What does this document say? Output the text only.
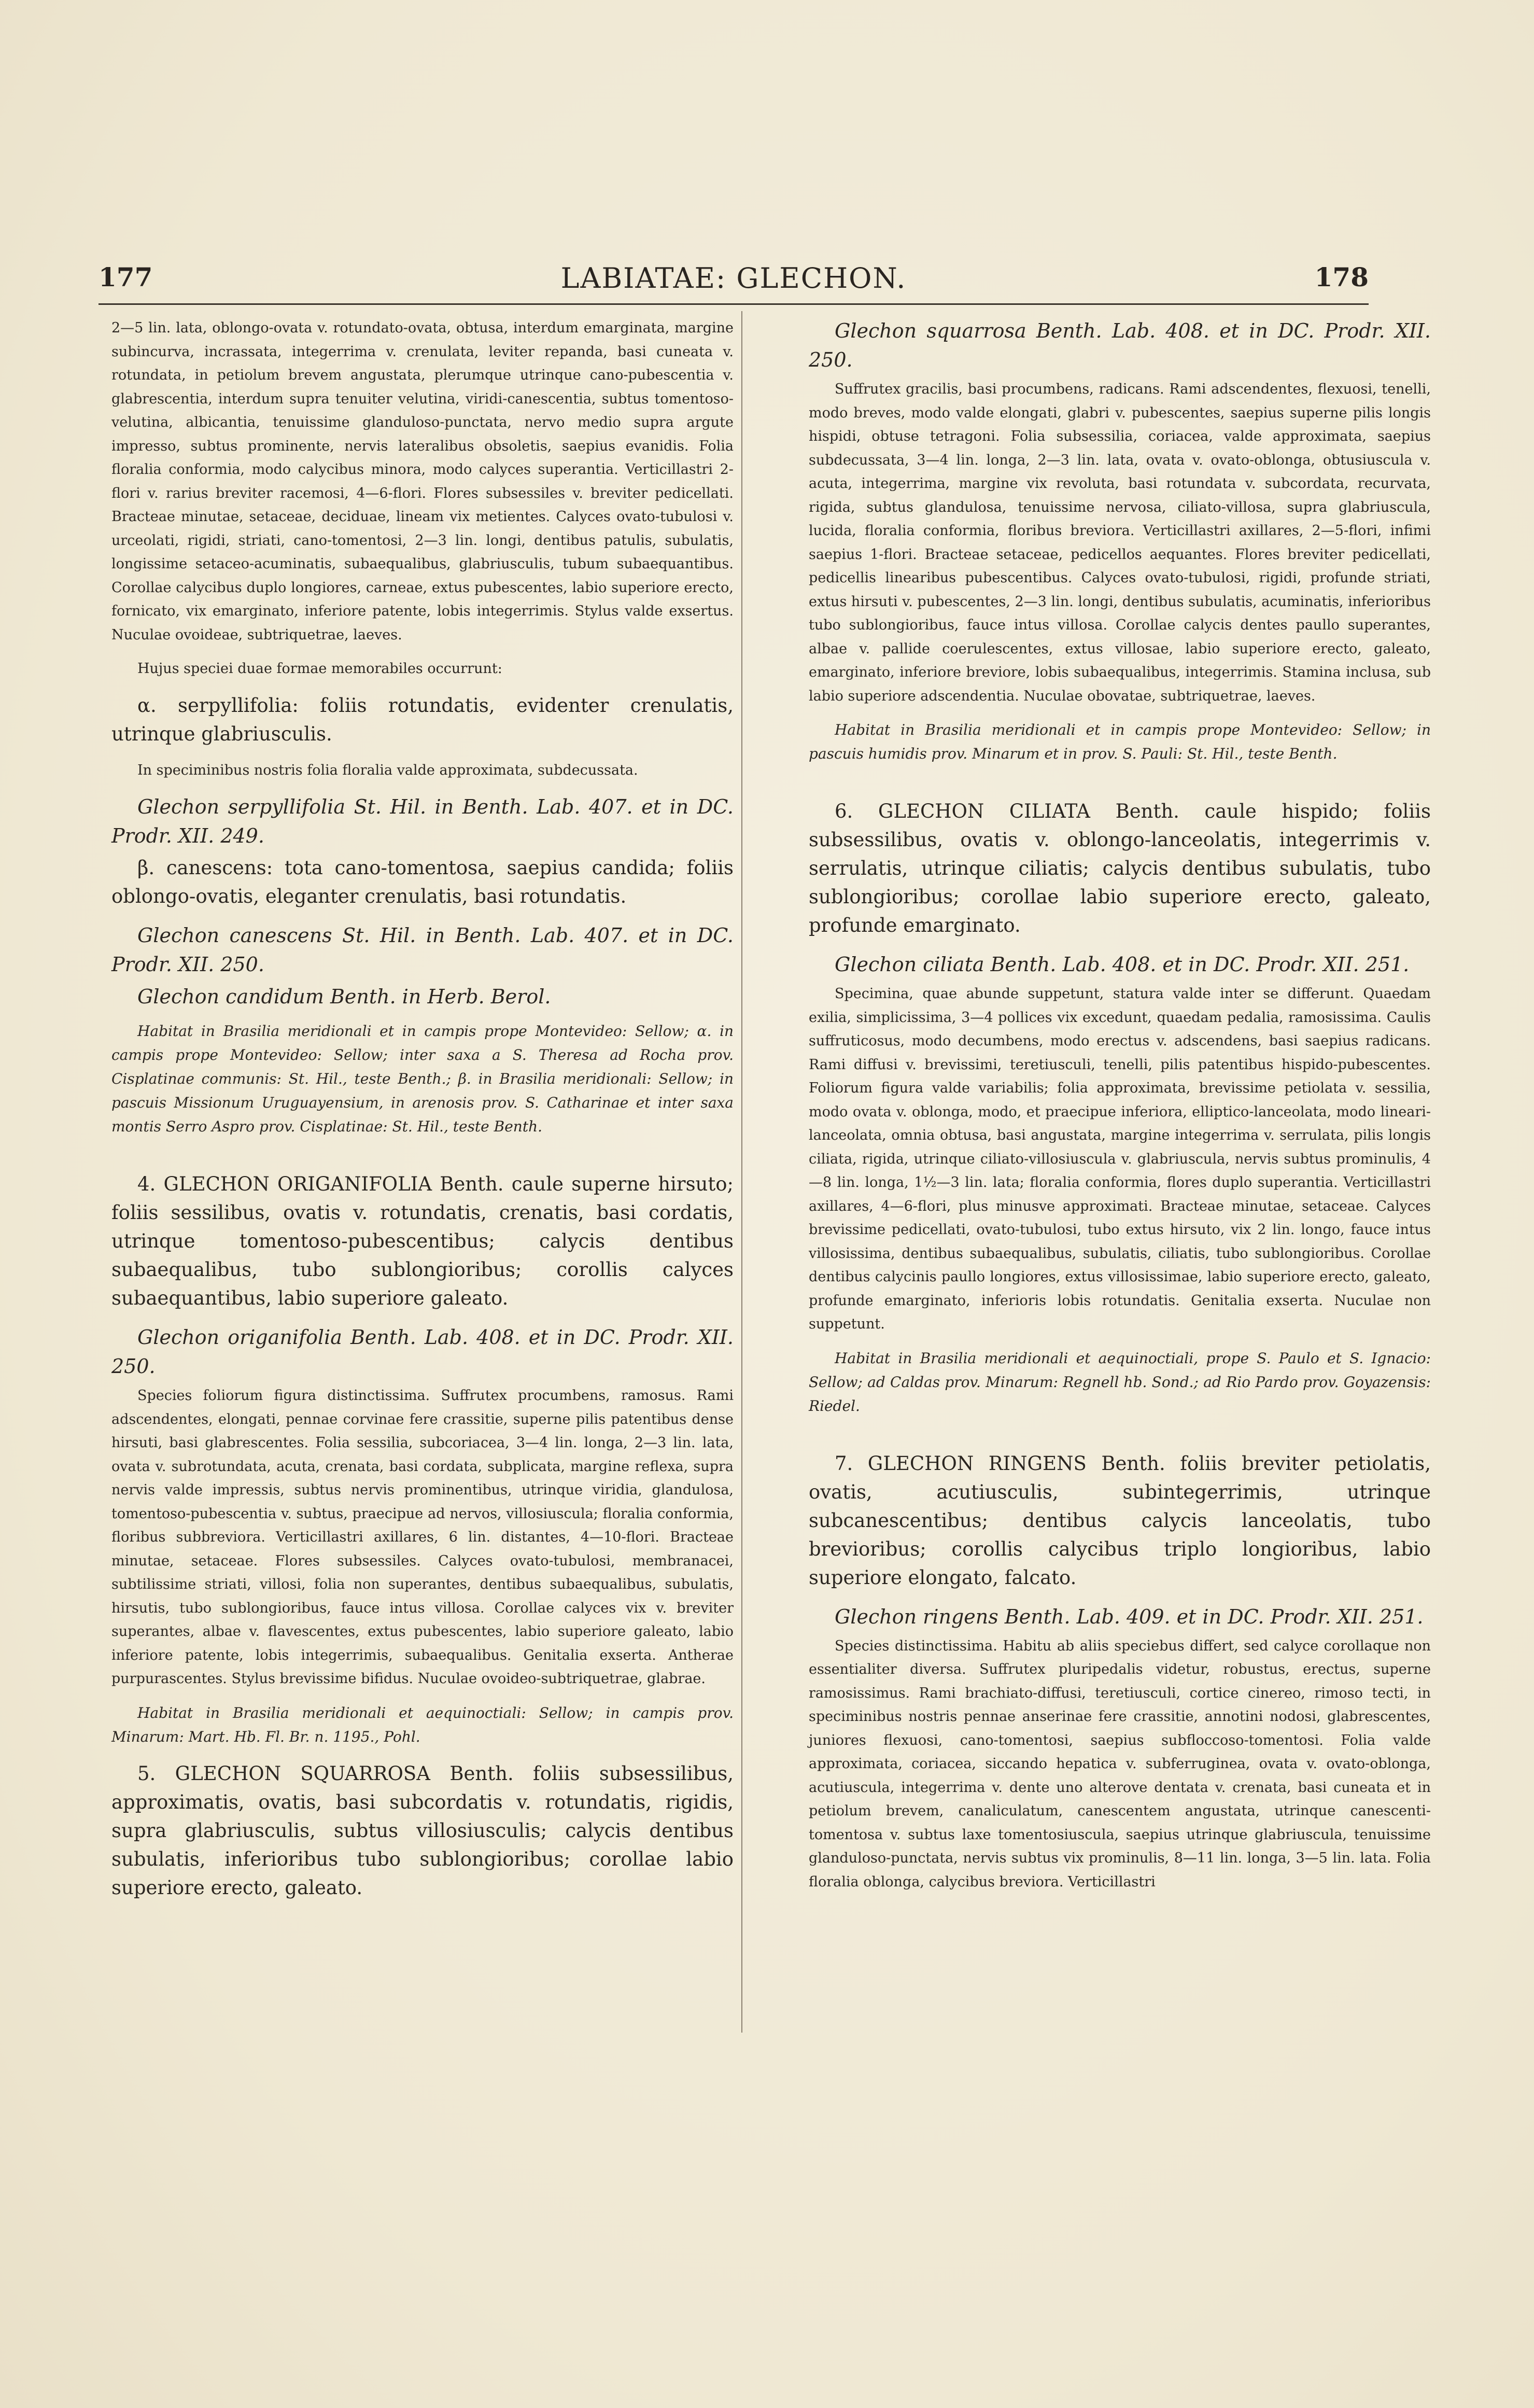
177	LABIATAE: GLECHON.	178

2—5 lin. lata, oblongo-ovata v. rotundato-ovata, obtusa, interdum emarginata, margine subincurva, incrassata, integerrima v. crenulata, leviter repanda, basi cuneata v. rotundata, in petiolum brevem angustata, plerumque utrinque cano-pubescentia v. glabrescentia, interdum supra tenuiter velutina, viridi-canescentia, subtus tomentoso-velutina, albicantia, tenuissime glanduloso-punctata, nervo medio supra argute impresso, subtus prominente, nervis lateralibus obsoletis, saepius evanidis. Folia floralia conformia, modo calycibus minora, modo calyces superantia. Verticillastri 2-flori v. rarius breviter racemosi, 4—6-flori. Flores subsessiles v. breviter pedicellati. Bracteae minutae, setaceae, deciduae, lineam vix metientes. Calyces ovato-tubulosi v. urceolati, rigidi, striati, cano-tomentosi, 2—3 lin. longi, dentibus patulis, subulatis, longissime setaceo-acuminatis, subaequalibus, glabriusculis, tubum subaequantibus. Corollae calycibus duplo longiores, carneae, extus pubescentes, labio superiore erecto, fornicato, vix emarginato, inferiore patente, lobis integerrimis. Stylus valde exsertus. Nuculae ovoideae, subtriquetrae, laeves.

Hujus speciei duae formae memorabiles occurrunt:

α. serpyllifolia: foliis rotundatis, evidenter crenulatis, utrinque glabriusculis.

In speciminibus nostris folia floralia valde approximata, subdecussata.

Glechon serpyllifolia St. Hil. in Benth. Lab. 407. et in DC. Prodr. XII. 249.

β. canescens: tota cano-tomentosa, saepius candida; foliis oblongo-ovatis, eleganter crenulatis, basi rotundatis.

Glechon canescens St. Hil. in Benth. Lab. 407. et in DC. Prodr. XII. 250.

Glechon candidum Benth. in Herb. Berol.

Habitat in Brasilia meridionali et in campis prope Montevideo: Sellow; α. in campis prope Montevideo: Sellow; inter saxa a S. Theresa ad Rocha prov. Cisplatinae communis: St. Hil., teste Benth.; β. in Brasilia meridionali: Sellow; in pascuis Missionum Uruguayensium, in arenosis prov. S. Catharinae et inter saxa montis Serro Aspro prov. Cisplatinae: St. Hil., teste Benth.

4. GLECHON ORIGANIFOLIA Benth. caule superne hirsuto; foliis sessilibus, ovatis v. rotundatis, crenatis, basi cordatis, utrinque tomentoso-pubescentibus; calycis dentibus subaequalibus, tubo sublongioribus; corollis calyces subaequantibus, labio superiore galeato.

Glechon origanifolia Benth. Lab. 408. et in DC. Prodr. XII. 250.

Species foliorum figura distinctissima. Suffrutex procumbens, ramosus. Rami adscendentes, elongati, pennae corvinae fere crassitie, superne pilis patentibus dense hirsuti, basi glabrescentes. Folia sessilia, subcoriacea, 3—4 lin. longa, 2—3 lin. lata, ovata v. subrotundata, acuta, crenata, basi cordata, subplicata, margine reflexa, supra nervis valde impressis, subtus nervis prominentibus, utrinque viridia, glandulosa, tomentoso-pubescentia v. subtus, praecipue ad nervos, villosiuscula; floralia conformia, floribus subbreviora. Verticillastri axillares, 6 lin. distantes, 4—10-flori. Bracteae minutae, setaceae. Flores subsessiles. Calyces ovato-tubulosi, membranacei, subtilissime striati, villosi, folia non superantes, dentibus subaequalibus, subulatis, hirsutis, tubo sublongioribus, fauce intus villosa. Corollae calyces vix v. breviter superantes, albae v. flavescentes, extus pubescentes, labio superiore galeato, labio inferiore patente, lobis integerrimis, subaequalibus. Genitalia exserta. Antherae purpurascentes. Stylus brevissime bifidus. Nuculae ovoideo-subtriquetrae, glabrae.

Habitat in Brasilia meridionali et aequinoctiali: Sellow; in campis prov. Minarum: Mart. Hb. Fl. Br. n. 1195., Pohl.

5. GLECHON SQUARROSA Benth. foliis subsessilibus, approximatis, ovatis, basi subcordatis v. rotundatis, rigidis, supra glabriusculis, subtus villosiusculis; calycis dentibus subulatis, inferioribus tubo sublongioribus; corollae labio superiore erecto, galeato.

Glechon squarrosa Benth. Lab. 408. et in DC. Prodr. XII. 250.

Suffrutex gracilis, basi procumbens, radicans. Rami adscendentes, flexuosi, tenelli, modo breves, modo valde elongati, glabri v. pubescentes, saepius superne pilis longis hispidi, obtuse tetragoni. Folia subsessilia, coriacea, valde approximata, saepius subdecussata, 3—4 lin. longa, 2—3 lin. lata, ovata v. ovato-oblonga, obtusiuscula v. acuta, integerrima, margine vix revoluta, basi rotundata v. subcordata, recurvata, rigida, subtus glandulosa, tenuissime nervosa, ciliato-villosa, supra glabriuscula, lucida, floralia conformia, floribus breviora. Verticillastri axillares, 2—5-flori, infimi saepius 1-flori. Bracteae setaceae, pedicellos aequantes. Flores breviter pedicellati, pedicellis linearibus pubescentibus. Calyces ovato-tubulosi, rigidi, profunde striati, extus hirsuti v. pubescentes, 2—3 lin. longi, dentibus subulatis, acuminatis, inferioribus tubo sublongioribus, fauce intus villosa. Corollae calycis dentes paullo superantes, albae v. pallide coerulescentes, extus villosae, labio superiore erecto, galeato, emarginato, inferiore breviore, lobis subaequalibus, integerrimis. Stamina inclusa, sub labio superiore adscendentia. Nuculae obovatae, subtriquetrae, laeves.

Habitat in Brasilia meridionali et in campis prope Montevideo: Sellow; in pascuis humidis prov. Minarum et in prov. S. Pauli: St. Hil., teste Benth.

6. GLECHON CILIATA Benth. caule hispido; foliis subsessilibus, ovatis v. oblongo-lanceolatis, integerrimis v. serrulatis, utrinque ciliatis; calycis dentibus subulatis, tubo sublongioribus; corollae labio superiore erecto, galeato, profunde emarginato.

Glechon ciliata Benth. Lab. 408. et in DC. Prodr. XII. 251.

Specimina, quae abunde suppetunt, statura valde inter se differunt. Quaedam exilia, simplicissima, 3—4 pollices vix excedunt, quaedam pedalia, ramosissima. Caulis suffruticosus, modo decumbens, modo erectus v. adscendens, basi saepius radicans. Rami diffusi v. brevissimi, teretiusculi, tenelli, pilis patentibus hispido-pubescentes. Foliorum figura valde variabilis; folia approximata, brevissime petiolata v. sessilia, modo ovata v. oblonga, modo, et praecipue inferiora, elliptico-lanceolata, modo lineari-lanceolata, omnia obtusa, basi angustata, margine integerrima v. serrulata, pilis longis ciliata, rigida, utrinque ciliato-villosiuscula v. glabriuscula, nervis subtus prominulis, 4—8 lin. longa, 1½—3 lin. lata; floralia conformia, flores duplo superantia. Verticillastri axillares, 4—6-flori, plus minusve approximati. Bracteae minutae, setaceae. Calyces brevissime pedicellati, ovato-tubulosi, tubo extus hirsuto, vix 2 lin. longo, fauce intus villosissima, dentibus subaequalibus, subulatis, ciliatis, tubo sublongioribus. Corollae dentibus calycinis paullo longiores, extus villosissimae, labio superiore erecto, galeato, profunde emarginato, inferioris lobis rotundatis. Genitalia exserta. Nuculae non suppetunt.

Habitat in Brasilia meridionali et aequinoctiali, prope S. Paulo et S. Ignacio: Sellow; ad Caldas prov. Minarum: Regnell hb. Sond.; ad Rio Pardo prov. Goyazensis: Riedel.

7. GLECHON RINGENS Benth. foliis breviter petiolatis, ovatis, acutiusculis, subintegerrimis, utrinque subcanescentibus; dentibus calycis lanceolatis, tubo brevioribus; corollis calycibus triplo longioribus, labio superiore elongato, falcato.

Glechon ringens Benth. Lab. 409. et in DC. Prodr. XII. 251.

Species distinctissima. Habitu ab aliis speciebus differt, sed calyce corollaque non essentialiter diversa. Suffrutex pluripedalis videtur, robustus, erectus, superne ramosissimus. Rami brachiato-diffusi, teretiusculi, cortice cinereo, rimoso tecti, in speciminibus nostris pennae anserinae fere crassitie, annotini nodosi, glabrescentes, juniores flexuosi, cano-tomentosi, saepius subfloccoso-tomentosi. Folia valde approximata, coriacea, siccando hepatica v. subferruginea, ovata v. ovato-oblonga, acutiuscula, integerrima v. dente uno alterove dentata v. crenata, basi cuneata et in petiolum brevem, canaliculatum, canescentem angustata, utrinque canescenti-tomentosa v. subtus laxe tomentosiuscula, saepius utrinque glabriuscula, tenuissime glanduloso-punctata, nervis subtus vix prominulis, 8—11 lin. longa, 3—5 lin. lata. Folia floralia oblonga, calycibus breviora. Verticillastri
